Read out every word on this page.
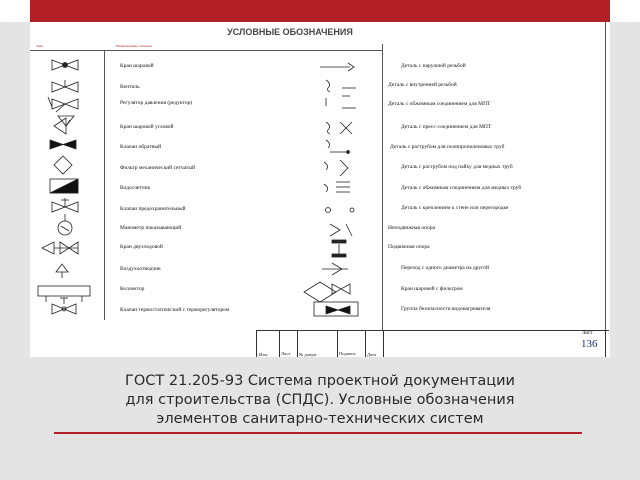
УСЛОВНЫЕ ОБОЗНАЧЕНИЯ
Знак	Наименование элемента
Кран шаровой
Вентиль
Регулятор давления (редуктор)
Кран шаровой угловой
Клапан обратный
Фильтр механический сетчатый
Водосчетчик
Клапан предохранительный
Манометр показывающий
Кран двухходовой
Воздухоотводчик
Коллектор
Клапан термостатический с терморегулятором
Деталь с наружной резьбой
Деталь с внутренней резьбой
Деталь с обжимным соединением для МПТ
Деталь с пресс-соединением для МПТ
Деталь с раструбом для полипропиленовых труб
Деталь с раструбом под пайку для медных труб
Деталь с обжимным соединением для медных труб
Деталь с креплением к стене или перегородке
Неподвижная опора
Подвижная опора
Переход с одного диаметра на другой
Кран шаровой с фильтром
Группа безопасности водонагревателя
Изм.	Лист № докум.	Подпись	Дата
Лист
136
ГОСТ 21.205-93 Система проектной документации
для строительства (СПДС). Условные обозначения
элементов санитарно-технических систем
